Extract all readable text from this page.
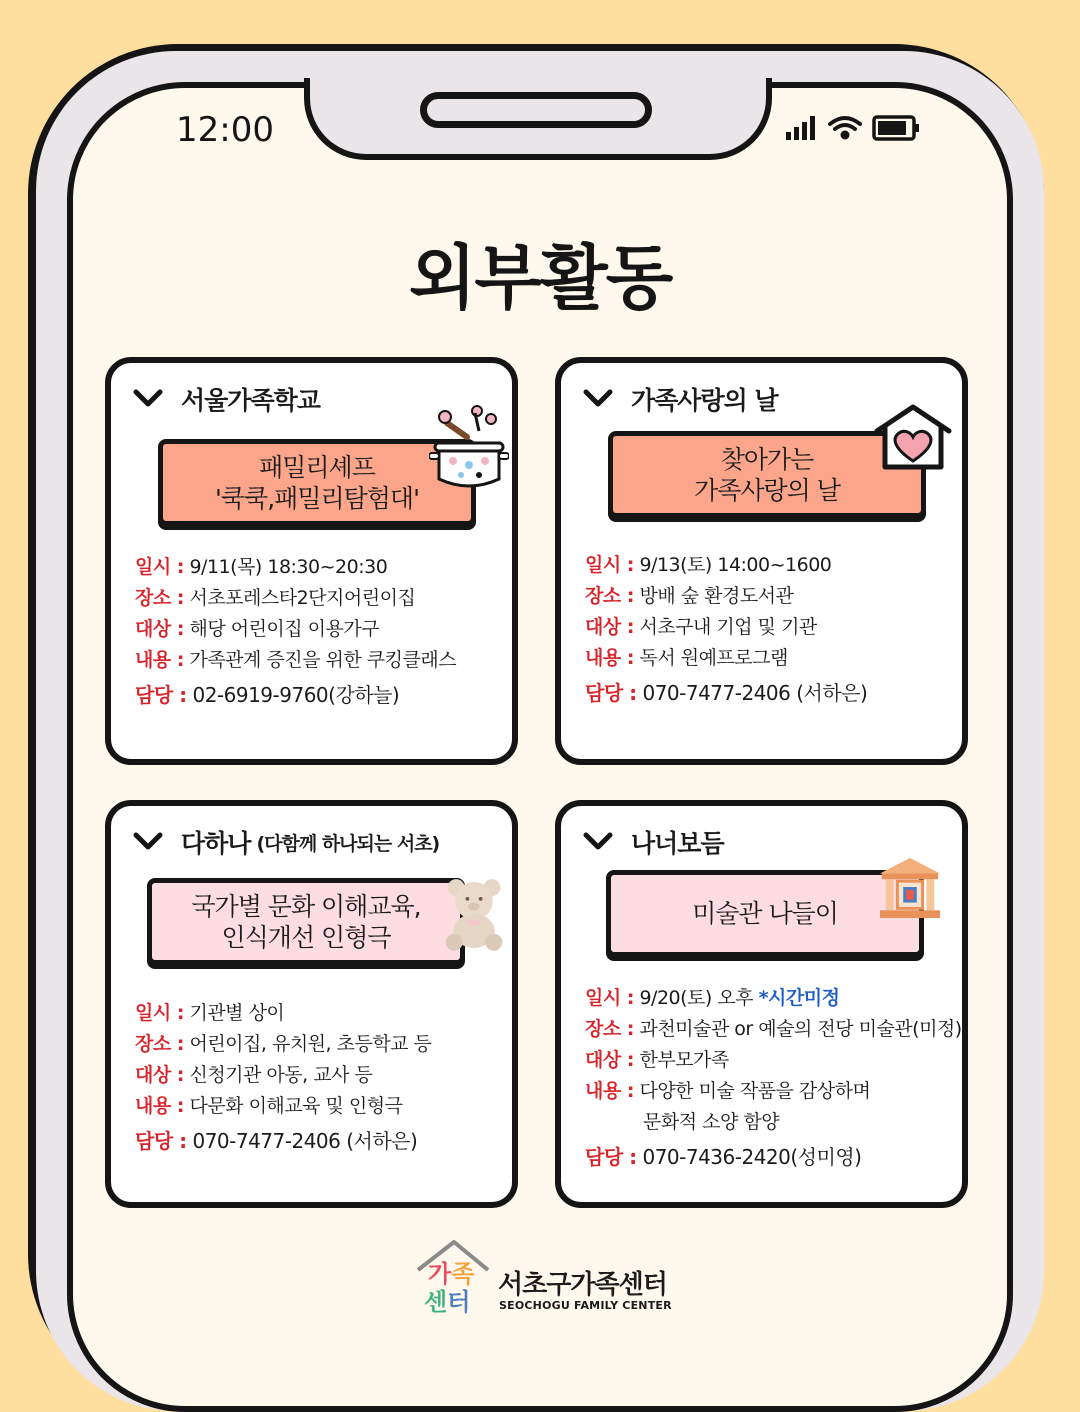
12:00
외부활동
서울가족학교
패밀리셰프
'쿡쿡,패밀리탐험대'
일시 : 9/11(목) 18:30~20:30
장소 : 서초포레스타2단지어린이집
대상 : 해당 어린이집 이용가구
내용 : 가족관계 증진을 위한 쿠킹클래스
담당 : 02-6919-9760(강하늘)
가족사랑의 날
찾아가는
가족사랑의 날
일시 : 9/13(토) 14:00~1600
장소 : 방배 숲 환경도서관
대상 : 서초구내 기업 및 기관
내용 : 독서 원예프로그램
담당 : 070-7477-2406 (서하은)
다하나 (다함께 하나되는 서초)
국가별 문화 이해교육,
인식개선 인형극
일시 : 기관별 상이
장소 : 어린이집, 유치원, 초등학교 등
대상 : 신청기관 아동, 교사 등
내용 : 다문화 이해교육 및 인형극
담당 : 070-7477-2406 (서하은)
나너보듬
미술관 나들이
일시 : 9/20(토) 오후 *시간미정
장소 : 과천미술관 or 예술의 전당 미술관(미정)
대상 : 한부모가족
내용 : 다양한 미술 작품을 감상하며
문화적 소양 함양
담당 : 070-7436-2420(성미영)
가족
센터
서초구가족센터
SEOCHOGU FAMILY CENTER
